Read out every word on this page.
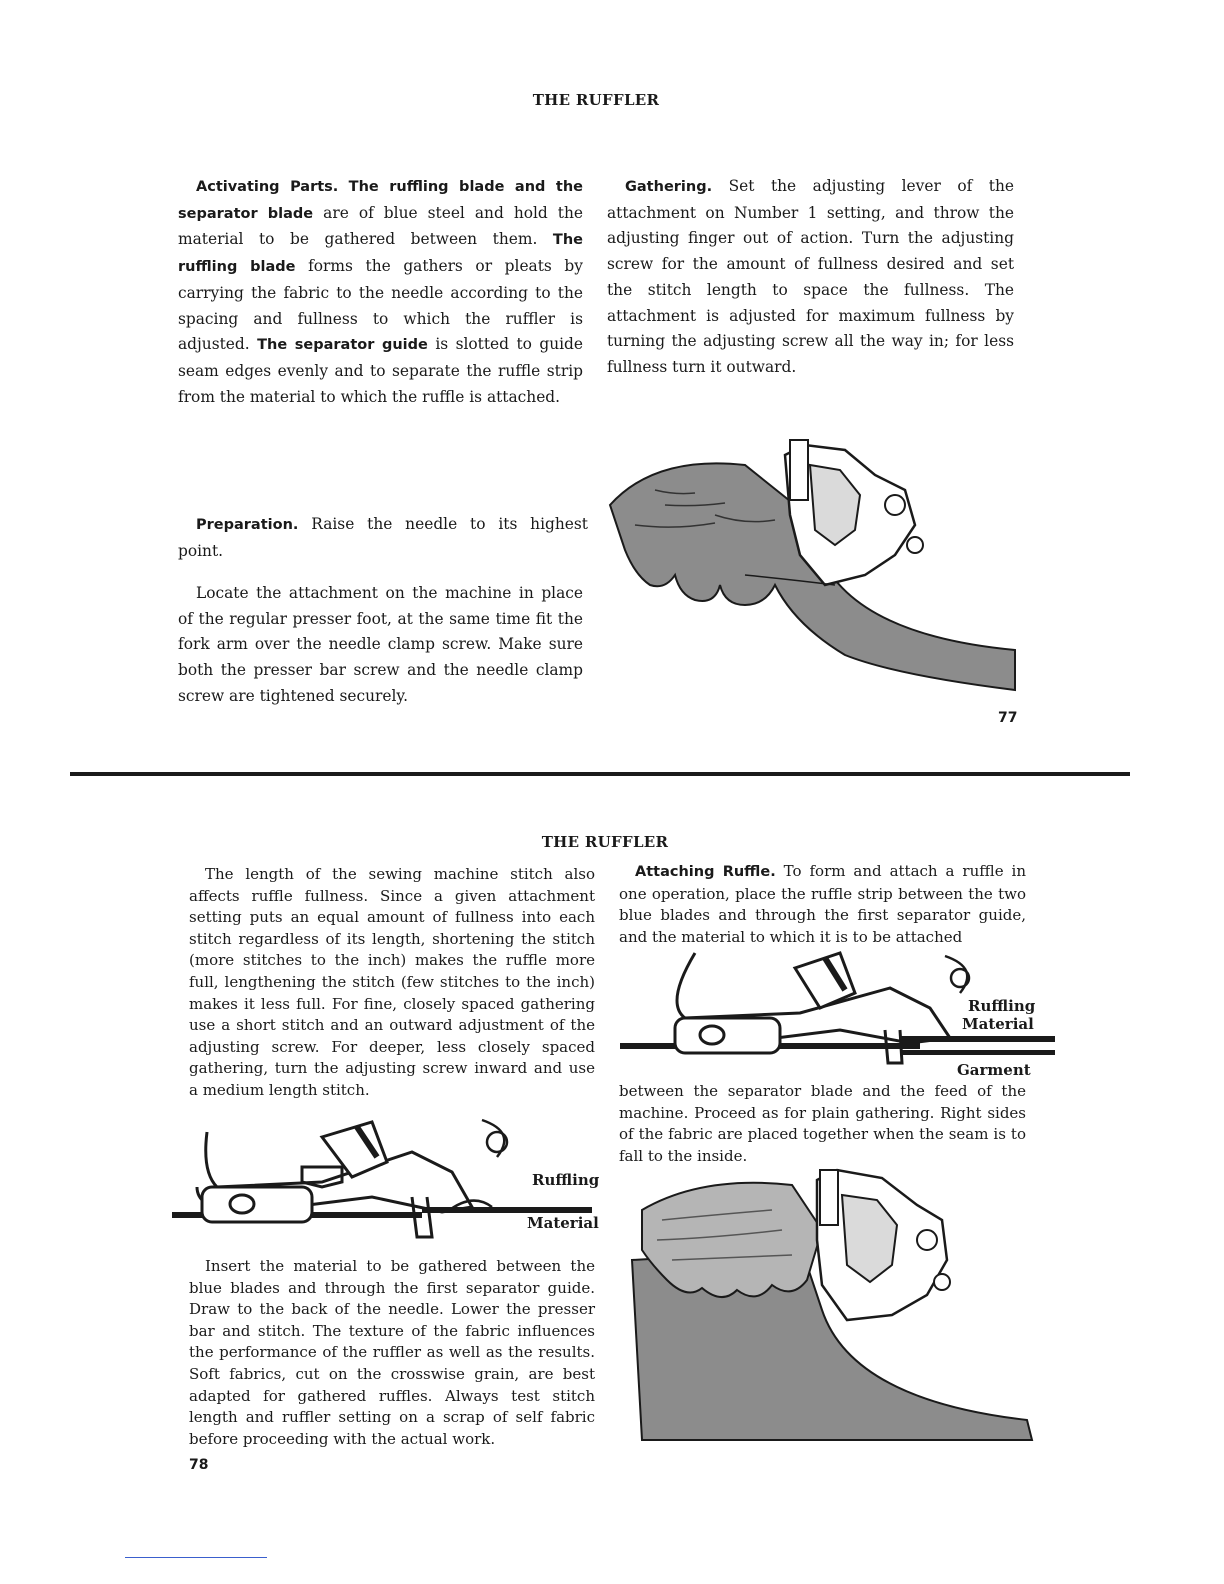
THE RUFFLER

Activating Parts. The ruffling blade and the separator blade are of blue steel and hold the material to be gathered between them. The ruffling blade forms the gathers or pleats by carrying the fabric to the needle according to the spacing and fullness to which the ruffler is adjusted. The separator guide is slotted to guide seam edges evenly and to separate the ruffle strip from the material to which the ruffle is attached.

Gathering. Set the adjusting lever of the attachment on Number 1 setting, and throw the adjusting finger out of action. Turn the adjusting screw for the amount of fullness desired and set the stitch length to space the fullness. The attachment is adjusted for maximum fullness by turning the adjusting screw all the way in; for less fullness turn it outward.

Preparation. Raise the needle to its highest point.

Locate the attachment on the machine in place of the regular presser foot, at the same time fit the fork arm over the needle clamp screw. Make sure both the presser bar screw and the needle clamp screw are tightened securely.

77
THE RUFFLER

The length of the sewing machine stitch also affects ruffle fullness. Since a given attachment setting puts an equal amount of fullness into each stitch regardless of its length, shortening the stitch (more stitches to the inch) makes the ruffle more full, lengthening the stitch (few stitches to the inch) makes it less full. For fine, closely spaced gathering use a short stitch and an outward adjustment of the adjusting screw. For deeper, less closely spaced gathering, turn the adjusting screw inward and use a medium length stitch.

Attaching Ruffle. To form and attach a ruffle in one operation, place the ruffle strip between the two blue blades and through the first separator guide, and the material to which it is to be attached

Ruffling
Material
Ruffling
Material
Garment

between the separator blade and the feed of the machine. Proceed as for plain gathering. Right sides of the fabric are placed together when the seam is to fall to the inside.

Insert the material to be gathered between the blue blades and through the first separator guide. Draw to the back of the needle. Lower the presser bar and stitch. The texture of the fabric influences the performance of the ruffler as well as the results. Soft fabrics, cut on the crosswise grain, are best adapted for gathered ruffles. Always test stitch length and ruffler setting on a scrap of self fabric before proceeding with the actual work.

78
